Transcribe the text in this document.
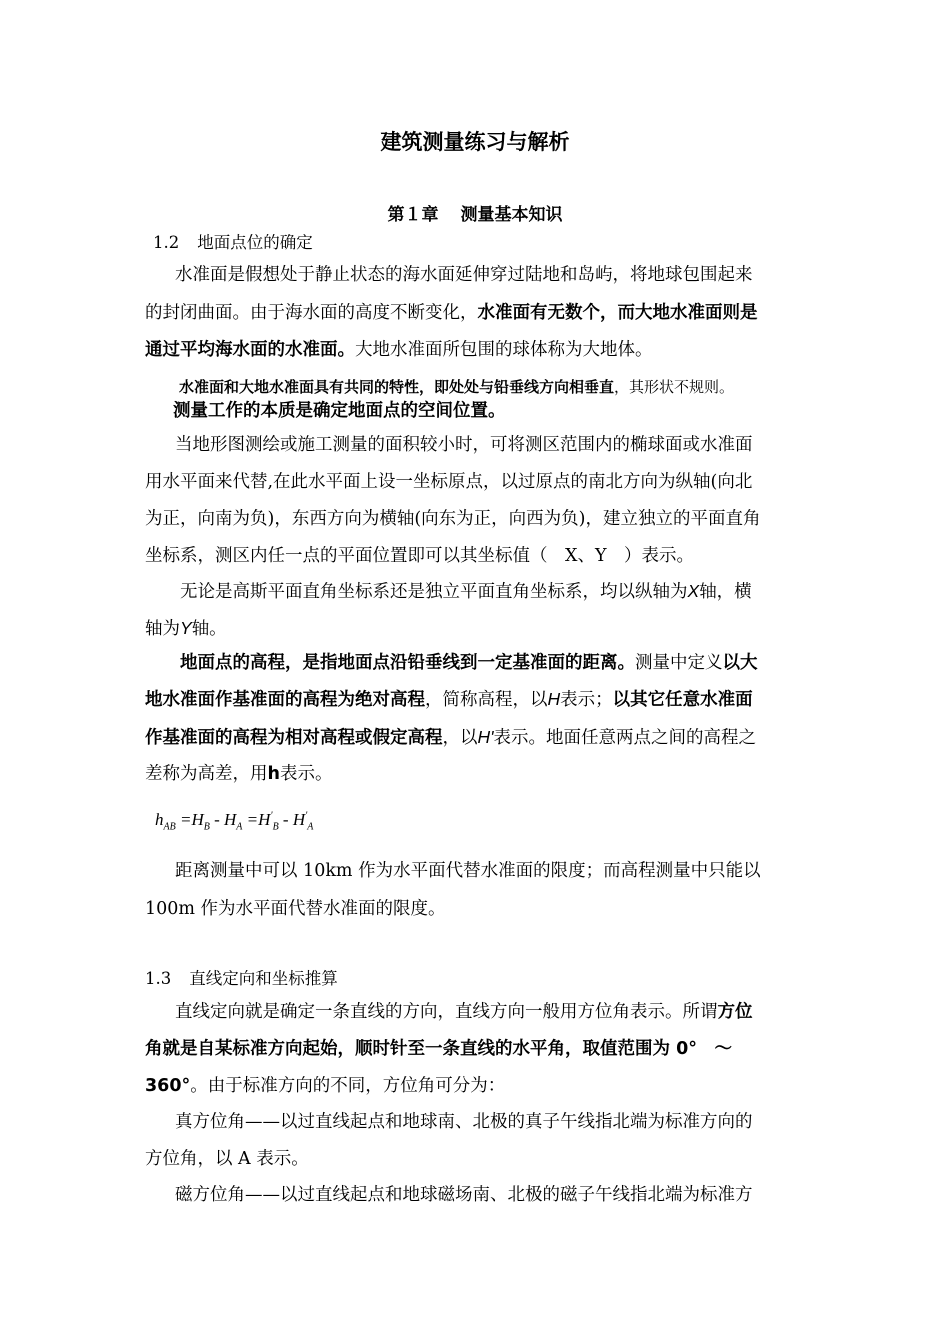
建筑测量练习与解析
第１章 测量基本知识
1.2 地面点位的确定
水准面是假想处于静止状态的海水面延伸穿过陆地和岛屿，将地球包围起来
的封闭曲面。由于海水面的高度不断变化，水准面有无数个，而大地水准面则是
通过平均海水面的水准面。大地水准面所包围的球体称为大地体。
水准面和大地水准面具有共同的特性，即处处与铅垂线方向相垂直，其形状不规则。
测量工作的本质是确定地面点的空间位置。
当地形图测绘或施工测量的面积较小时，可将测区范围内的椭球面或水准面
用水平面来代替,在此水平面上设一坐标原点，以过原点的南北方向为纵轴(向北
为正，向南为负)，东西方向为横轴(向东为正，向西为负)，建立独立的平面直角
坐标系，测区内任一点的平面位置即可以其坐标值（　X、Y　）表示。
无论是高斯平面直角坐标系还是独立平面直角坐标系，均以纵轴为X轴，横
轴为Y轴。
地面点的高程，是指地面点沿铅垂线到一定基准面的距离。测量中定义以大
地水准面作基准面的高程为绝对高程，简称高程，以H表示；以其它任意水准面
作基准面的高程为相对高程或假定高程，以H'表示。地面任意两点之间的高程之
差称为高差，用h表示。
$h_{AB} =H_B - H_A =H'_B - H'_A$
距离测量中可以 10km 作为水平面代替水准面的限度；而高程测量中只能以
100m 作为水平面代替水准面的限度。
1.3 直线定向和坐标推算
直线定向就是确定一条直线的方向，直线方向一般用方位角表示。所谓方位
角就是自某标准方向起始，顺时针至一条直线的水平角，取值范围为 0°　～
360°。由于标准方向的不同，方位角可分为：
真方位角——以过直线起点和地球南、北极的真子午线指北端为标准方向的
方位角，以 A 表示。
磁方位角——以过直线起点和地球磁场南、北极的磁子午线指北端为标准方
